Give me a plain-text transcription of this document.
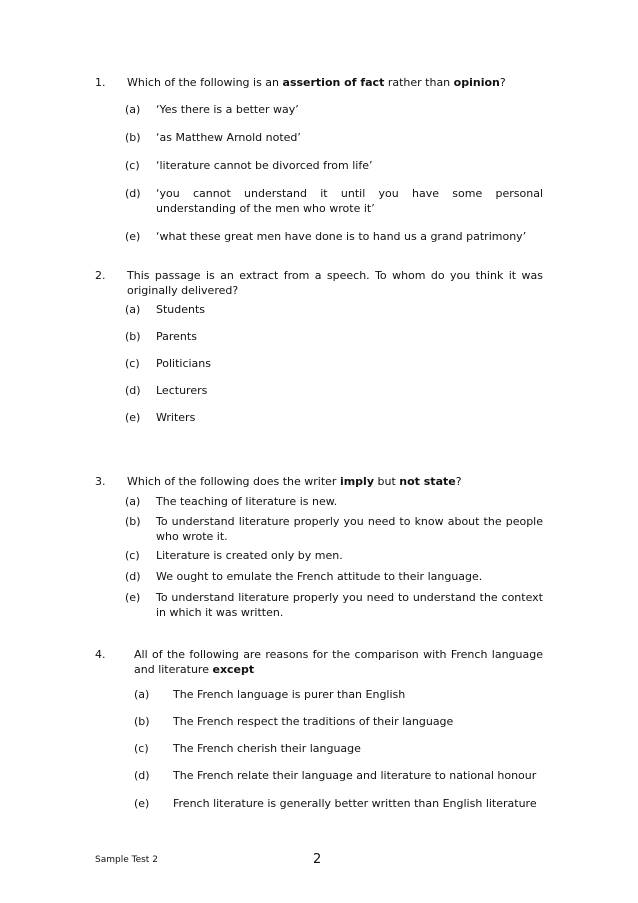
1. Which of the following is an assertion of fact rather than opinion?
(a) ‘Yes there is a better way’
(b) ‘as Matthew Arnold noted’
(c) ‘literature cannot be divorced from life’
(d) ‘you cannot understand it until you have some personal understanding of the men who wrote it’
(e) ‘what these great men have done is to hand us a grand patrimony’
2. This passage is an extract from a speech. To whom do you think it was originally delivered?
(a) Students
(b) Parents
(c) Politicians
(d) Lecturers
(e) Writers
3. Which of the following does the writer imply but not state?
(a) The teaching of literature is new.
(b) To understand literature properly you need to know about the people who wrote it.
(c) Literature is created only by men.
(d) We ought to emulate the French attitude to their language.
(e) To understand literature properly you need to understand the context in which it was written.
4.	All of the following are reasons for the comparison with French language and literature except
(a) The French language is purer than English
(b) The French respect the traditions of their language
(c) The French cherish their language
(d) The French relate their language and literature to national honour
(e) French literature is generally better written than English literature
Sample Test 2	2
